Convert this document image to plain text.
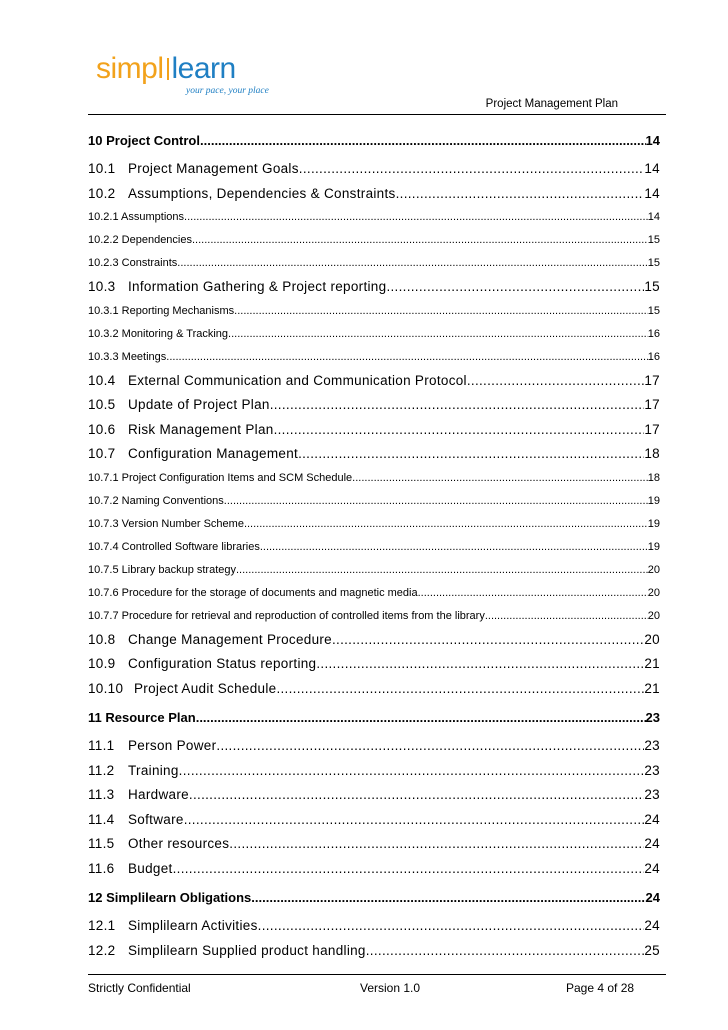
simpl learn
your pace, your place
Project Management Plan
10 Project Control .....	14
10.1 Project Management Goals .....	14
10.2 Assumptions, Dependencies & Constraints .....	14
10.2.1 Assumptions .....	14
10.2.2 Dependencies .....	15
10.2.3 Constraints .....	15
10.3 Information Gathering & Project reporting .....	15
10.3.1 Reporting Mechanisms .....	15
10.3.2 Monitoring & Tracking .....	16
10.3.3 Meetings .....	16
10.4 External Communication and Communication Protocol .....	17
10.5 Update of Project Plan .....	17
10.6 Risk Management Plan .....	17
10.7 Configuration Management .....	18
10.7.1 Project Configuration Items and SCM Schedule .....	18
10.7.2 Naming Conventions .....	19
10.7.3 Version Number Scheme .....	19
10.7.4 Controlled Software libraries .....	19
10.7.5 Library backup strategy .....	20
10.7.6 Procedure for the storage of documents and magnetic media .....	20
10.7.7 Procedure for retrieval and reproduction of controlled items from the library .....	20
10.8 Change Management Procedure .....	20
10.9 Configuration Status reporting .....	21
10.10 Project Audit Schedule .....	21
11 Resource Plan .....	23
11.1 Person Power .....	23
11.2 Training .....	23
11.3 Hardware .....	23
11.4 Software .....	24
11.5 Other resources .....	24
11.6 Budget .....	24
12 Simplilearn Obligations .....	24
12.1 Simplilearn Activities .....	24
12.2 Simplilearn Supplied product handling .....	25
Strictly Confidential	Version 1.0	Page 4 of 28
